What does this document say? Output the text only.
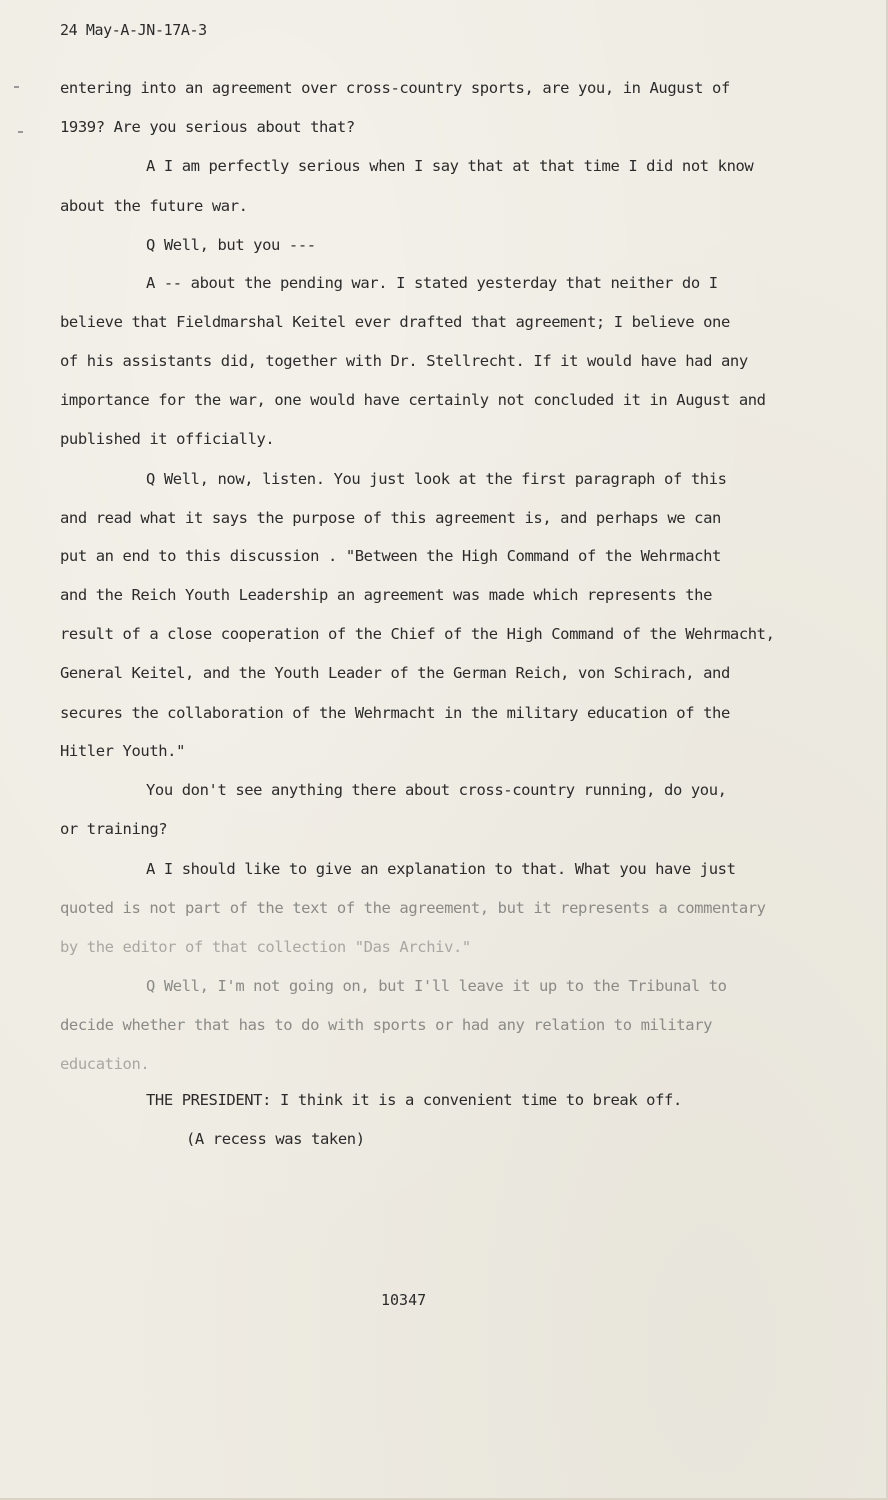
24 May-A-JN-17A-3
entering into an agreement over cross-country sports, are you, in August of
1939? Are you serious about that?
A I am perfectly serious when I say that at that time I did not know
about the future war.
Q Well, but you ---
A -- about the pending war. I stated yesterday that neither do I
believe that Fieldmarshal Keitel ever drafted that agreement; I believe one
of his assistants did, together with Dr. Stellrecht. If it would have had any
importance for the war, one would have certainly not concluded it in August and
published it officially.
Q Well, now, listen. You just look at the first paragraph of this
and read what it says the purpose of this agreement is, and perhaps we can
put an end to this discussion . "Between the High Command of the Wehrmacht
and the Reich Youth Leadership an agreement was made which represents the
result of a close cooperation of the Chief of the High Command of the Wehrmacht,
General Keitel, and the Youth Leader of the German Reich, von Schirach, and
secures the collaboration of the Wehrmacht in the military education of the
Hitler Youth."
You don't see anything there about cross-country running, do you,
or training?
A I should like to give an explanation to that. What you have just
quoted is not part of the text of the agreement, but it represents a commentary
by the editor of that collection "Das Archiv."
Q Well, I'm not going on, but I'll leave it up to the Tribunal to
decide whether that has to do with sports or had any relation to military
education.
THE PRESIDENT: I think it is a convenient time to break off.
(A recess was taken)
10347
